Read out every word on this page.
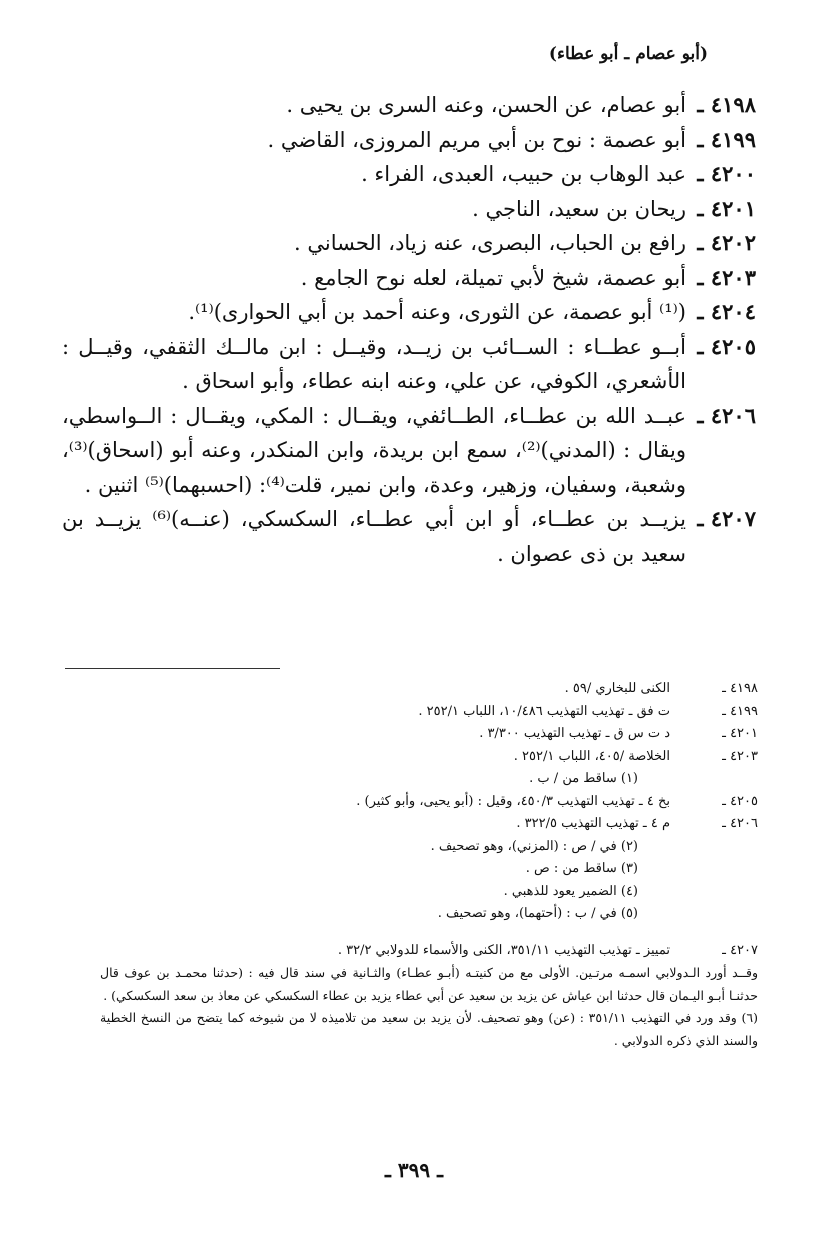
(أبو عصام ـ أبو عطاء)
٤١٩٨ ـ
أبو عصام، عن الحسن، وعنه السرى بن يحيى .
٤١٩٩ ـ
أبو عصمة : نوح بن أبي مريم المروزى، القاضي .
٤٢٠٠ ـ
عبد الوهاب بن حبيب، العبدى، الفراء .
٤٢٠١ ـ
ريحان بن سعيد، الناجي .
٤٢٠٢ ـ
رافع بن الحباب، البصرى، عنه زياد، الحساني .
٤٢٠٣ ـ
أبو عصمة، شيخ لأبي تميلة، لعله نوح الجامع .
٤٢٠٤ ـ
(⁽¹⁾ أبو عصمة، عن الثورى، وعنه أحمد بن أبي الحوارى)⁽¹⁾.
٤٢٠٥ ـ
أبــو عطــاء : الســائب بن زيــد، وقيــل : ابن مالــك الثقفي، وقيــل : الأشعري، الكوفي، عن علي، وعنه ابنه عطاء، وأبو اسحاق .
٤٢٠٦ ـ
عبــد الله بن عطــاء، الطــائفي، ويقــال : المكي، ويقــال : الــواسطي، ويقال : (المدني)⁽²⁾، سمع ابن بريدة، وابن المنكدر، وعنه أبو (اسحاق)⁽³⁾، وشعبة، وسفيان، وزهير، وعدة، وابن نمير، قلت⁽⁴⁾: (احسبهما)⁽⁵⁾ اثنين .
٤٢٠٧ ـ
يزيــد بن عطــاء، أو ابن أبي عطــاء، السكسكي، (عنــه)⁽⁶⁾ يزيــد بن سعيد بن ذى عصوان .
٤١٩٨ ـ
الكنى للبخاري /٥٩ .
٤١٩٩ ـ
ت فق ـ تهذيب التهذيب ١٠/٤٨٦، اللباب ٢٥٢/١ .
٤٢٠١ ـ
د ت س ق ـ تهذيب التهذيب ٣/٣٠٠ .
٤٢٠٣ ـ
الخلاصة /٤٠٥، اللباب ٢٥٢/١ .
(١) ساقط من / ب .
٤٢٠٥ ـ
بخ ٤ ـ تهذيب التهذيب ٤٥٠/٣، وقيل : (أبو يحيى، وأبو كثير) .
٤٢٠٦ ـ
م ٤ ـ تهذيب التهذيب ٣٢٢/٥ .
(٢) في / ص : (المزني)، وهو تصحيف .
(٣) ساقط من : ص .
(٤) الضمير يعود للذهبي .
(٥) في / ب : (أحتهما)، وهو تصحيف .
٤٢٠٧ ـ
تمييز ـ تهذيب التهذيب ٣٥١/١١، الكنى والأسماء للدولابي ٣٢/٢ .
وقــد أورد الـدولابي اسمـه مرتـين. الأولى مع من كنيتـه (أبـو عطـاء) والثـانية في سند قال فيه : (حدثنا محمـد بن عوف قال حدثنـا أبـو اليـمان قال حدثنا ابن عياش عن يزيد بن سعيد عن أبي عطاء يزيد بن عطاء السكسكي عن معاذ بن سعد السكسكي) .
(٦) وقد ورد في التهذيب ٣٥١/١١ : (عن) وهو تصحيف. لأن يزيد بن سعيد من تلاميذه لا من شيوخه كما يتضح من النسخ الخطية والسند الذي ذكره الدولابي .
ـ ٣٩٩ ـ
